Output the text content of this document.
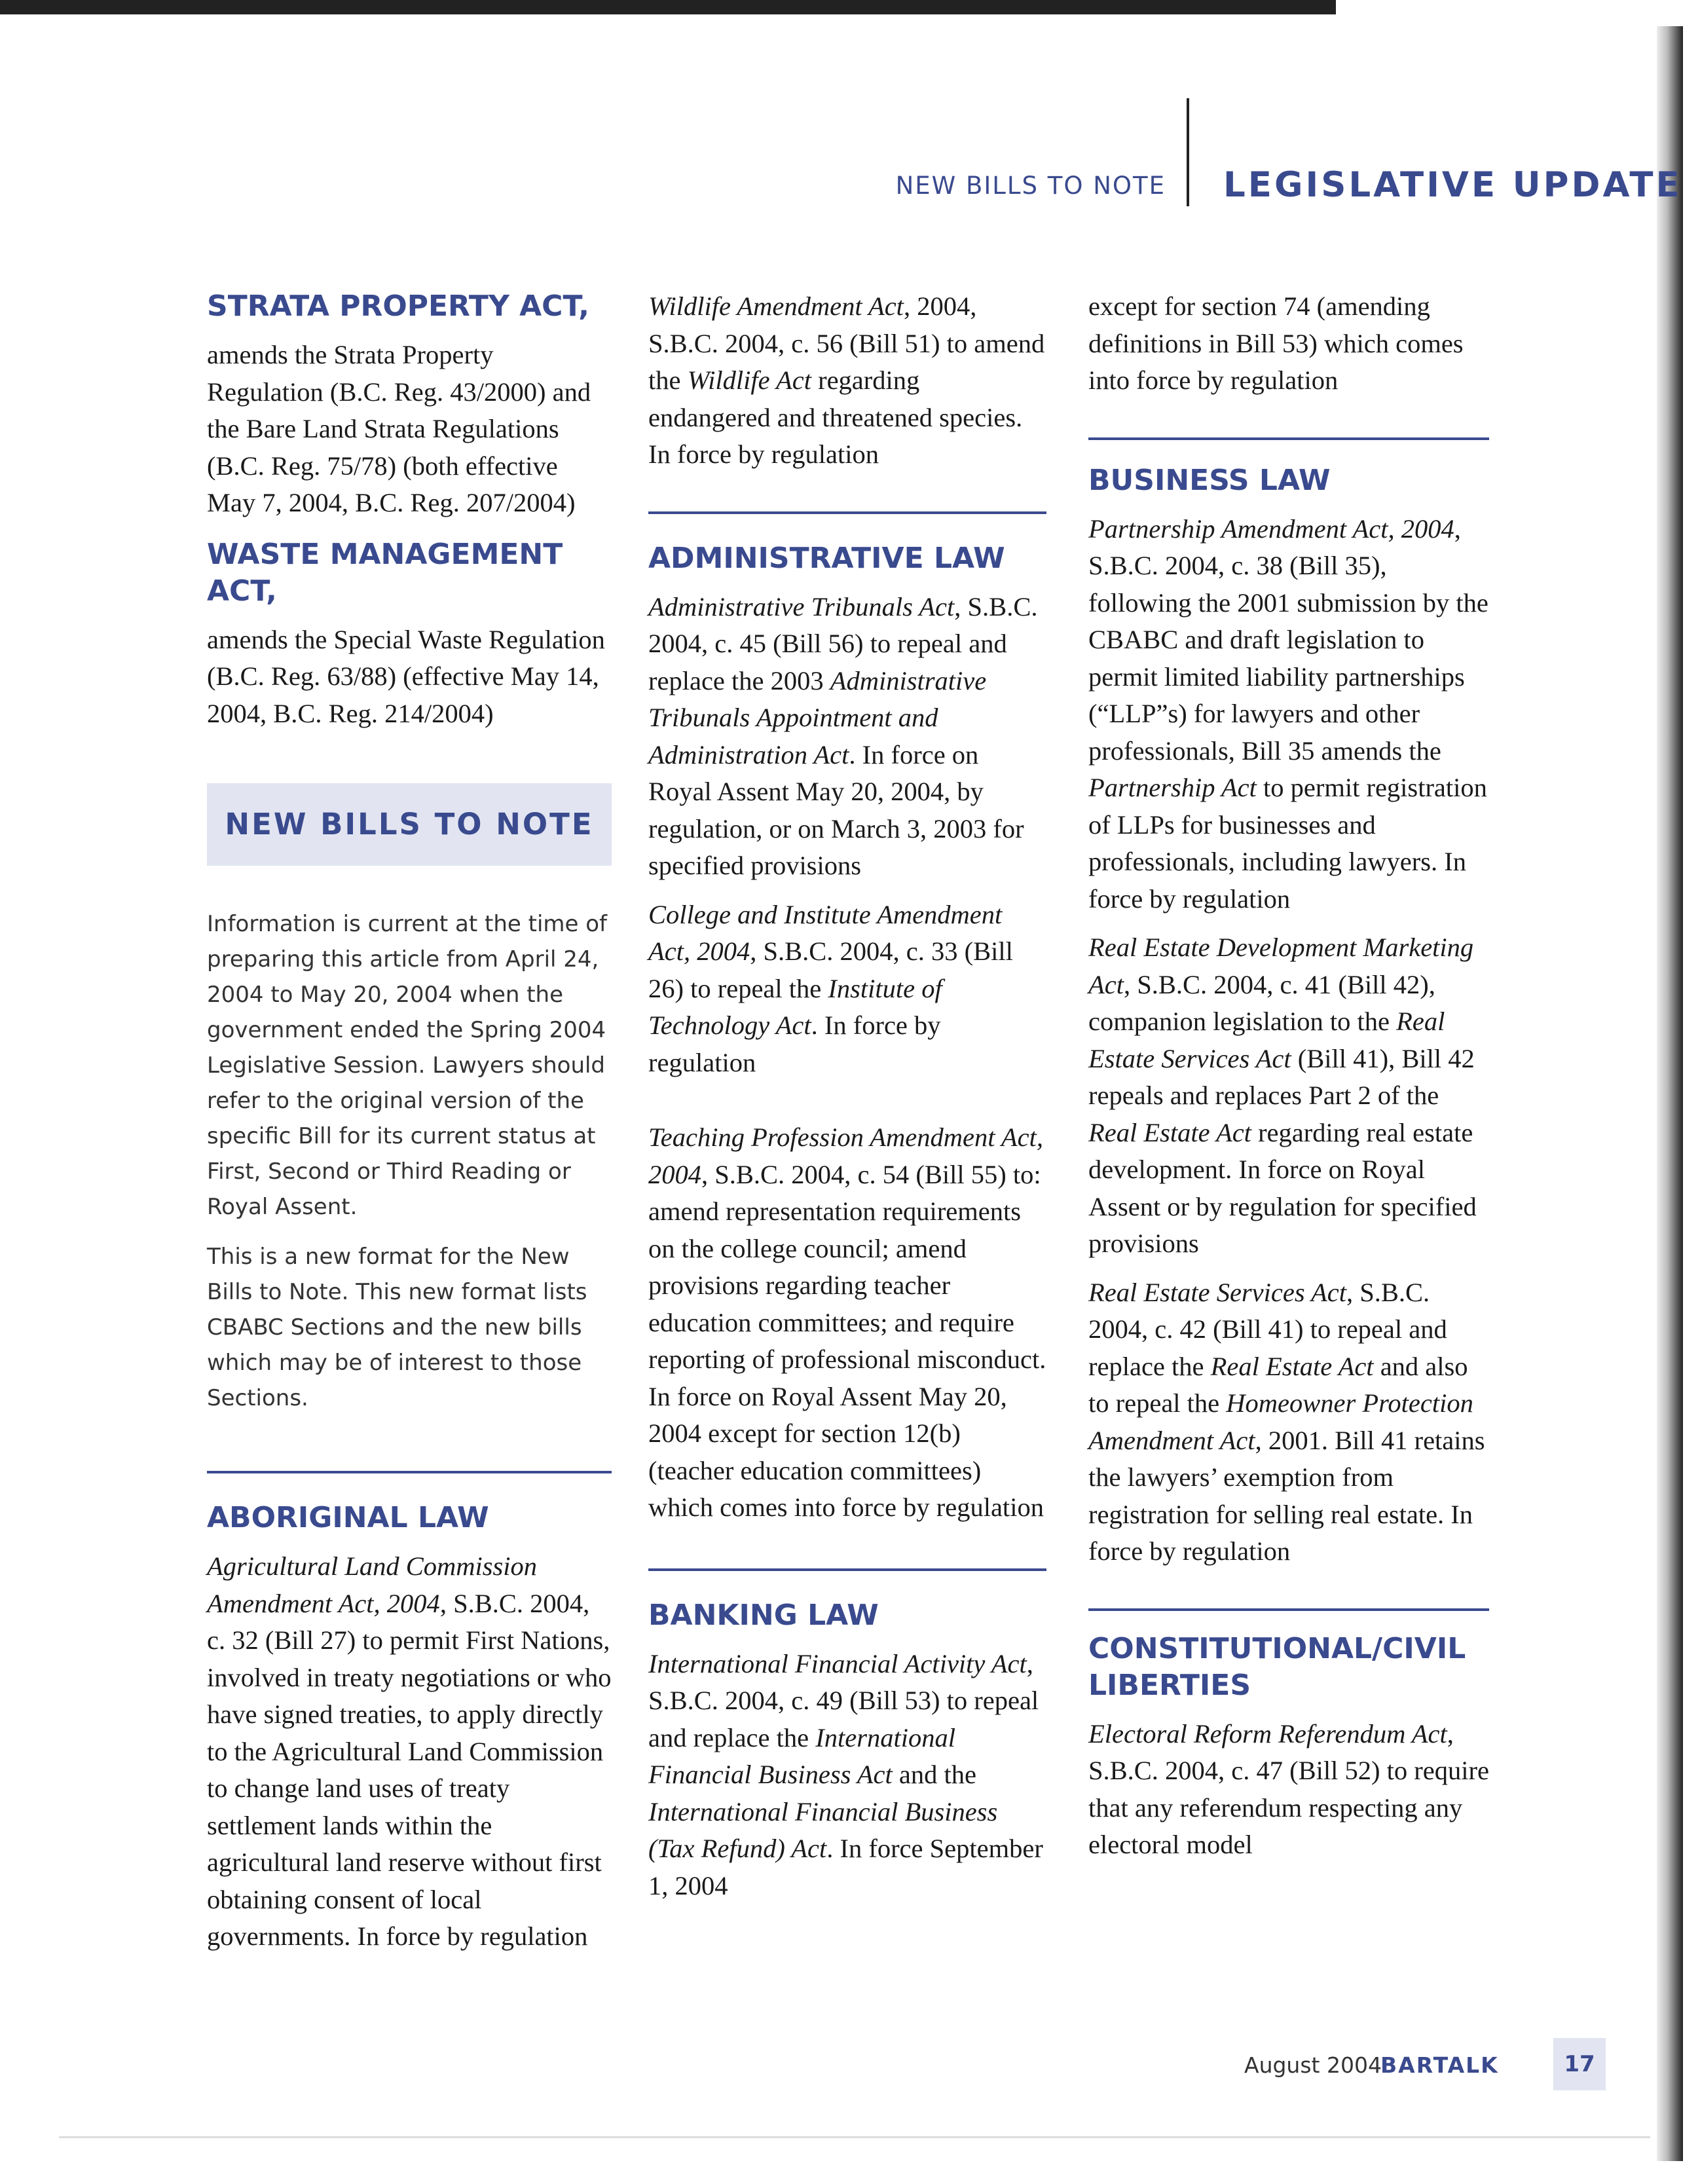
NEW BILLS TO NOTE LEGISLATIVE UPDATE

STRATA PROPERTY ACT,

amends the Strata Property Regulation (B.C. Reg. 43/2000) and the Bare Land Strata Regulations (B.C. Reg. 75/78) (both effective May 7, 2004, B.C. Reg. 207/2004)

WASTE MANAGEMENT ACT,

amends the Special Waste Regulation (B.C. Reg. 63/88) (effective May 14, 2004, B.C. Reg. 214/2004)

NEW BILLS TO NOTE

Information is current at the time of preparing this article from April 24, 2004 to May 20, 2004 when the government ended the Spring 2004 Legislative Session. Lawyers should refer to the original version of the specific Bill for its current status at First, Second or Third Reading or Royal Assent.

This is a new format for the New Bills to Note. This new format lists CBABC Sections and the new bills which may be of interest to those Sections.

ABORIGINAL LAW

Agricultural Land Commission Amendment Act, 2004, S.B.C. 2004, c. 32 (Bill 27) to permit First Nations, involved in treaty negotiations or who have signed treaties, to apply directly to the Agricultural Land Commission to change land uses of treaty settlement lands within the agricultural land reserve without first obtaining consent of local governments. In force by regulation

Wildlife Amendment Act, 2004, S.B.C. 2004, c. 56 (Bill 51) to amend the Wildlife Act regarding endangered and threatened species. In force by regulation

ADMINISTRATIVE LAW

Administrative Tribunals Act, S.B.C. 2004, c. 45 (Bill 56) to repeal and replace the 2003 Administrative Tribunals Appointment and Administration Act. In force on Royal Assent May 20, 2004, by regulation, or on March 3, 2003 for specified provisions

College and Institute Amendment Act, 2004, S.B.C. 2004, c. 33 (Bill 26) to repeal the Institute of Technology Act. In force by regulation

Teaching Profession Amendment Act, 2004, S.B.C. 2004, c. 54 (Bill 55) to: amend representation requirements on the college council; amend provisions regarding teacher education committees; and require reporting of professional misconduct. In force on Royal Assent May 20, 2004 except for section 12(b) (teacher education committees) which comes into force by regulation

BANKING LAW

International Financial Activity Act, S.B.C. 2004, c. 49 (Bill 53) to repeal and replace the International Financial Business Act and the International Financial Business (Tax Refund) Act. In force September 1, 2004

except for section 74 (amending definitions in Bill 53) which comes into force by regulation

BUSINESS LAW

Partnership Amendment Act, 2004, S.B.C. 2004, c. 38 (Bill 35), following the 2001 submission by the CBABC and draft legislation to permit limited liability partnerships (“LLP”s) for lawyers and other professionals, Bill 35 amends the Partnership Act to permit registration of LLPs for businesses and professionals, including lawyers. In force by regulation

Real Estate Development Marketing Act, S.B.C. 2004, c. 41 (Bill 42), companion legislation to the Real Estate Services Act (Bill 41), Bill 42 repeals and replaces Part 2 of the Real Estate Act regarding real estate development. In force on Royal Assent or by regulation for specified provisions

Real Estate Services Act, S.B.C. 2004, c. 42 (Bill 41) to repeal and replace the Real Estate Act and also to repeal the Homeowner Protection Amendment Act, 2001. Bill 41 retains the lawyers’ exemption from registration for selling real estate. In force by regulation

CONSTITUTIONAL/CIVIL LIBERTIES

Electoral Reform Referendum Act, S.B.C. 2004, c. 47 (Bill 52) to require that any referendum respecting any electoral model

August 2004
BARTALK	17
